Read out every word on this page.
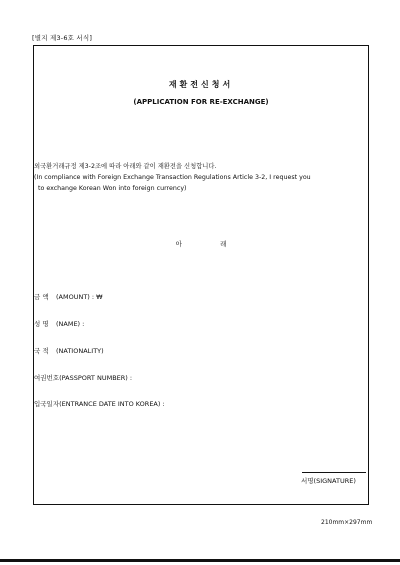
[별지 제3-6호 서식]
재환전신청서
(APPLICATION FOR RE-EXCHANGE)
외국환거래규정 제3-2조에 따라 아래와 같이 재환전을 신청합니다.
(In compliance with Foreign Exchange Transaction Regulations Article 3-2, I request you
to exchange Korean Won into foreign currency)
아	래
금 액 (AMOUNT) : ₩
성 명 (NAME) :
국 적 (NATIONALITY)
여권번호(PASSPORT NUMBER) :
입국일자(ENTRANCE DATE INTO KOREA) :
서명(SIGNATURE)
210mm×297mm
